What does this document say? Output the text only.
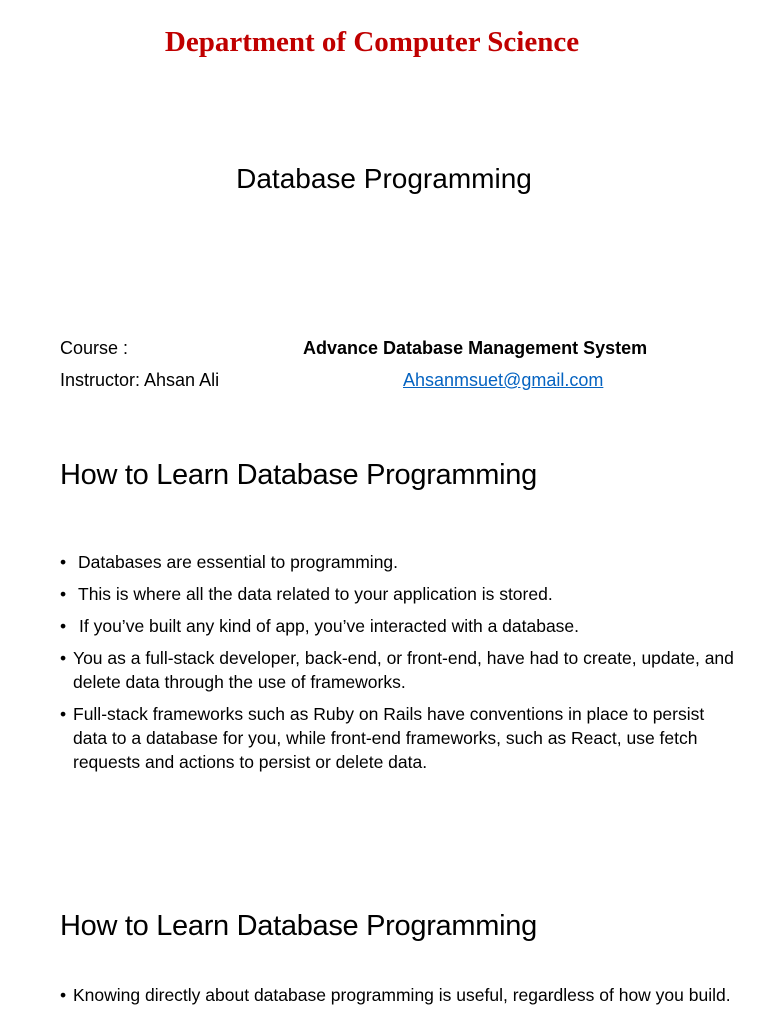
Department of Computer Science
Database Programming
Course :	Advance Database Management System
Instructor: Ahsan Ali	Ahsanmsuet@gmail.com
How to Learn Database Programming
• Databases are essential to programming.
• This is where all the data related to your application is stored.
• If you’ve built any kind of app, you’ve interacted with a database.
• You as a full-stack developer, back-end, or front-end, have had to create, update, and delete data through the use of frameworks.
• Full-stack frameworks such as Ruby on Rails have conventions in place to persist data to a database for you, while front-end frameworks, such as React, use fetch requests and actions to persist or delete data.
How to Learn Database Programming
• Knowing directly about database programming is useful, regardless of how you build.
